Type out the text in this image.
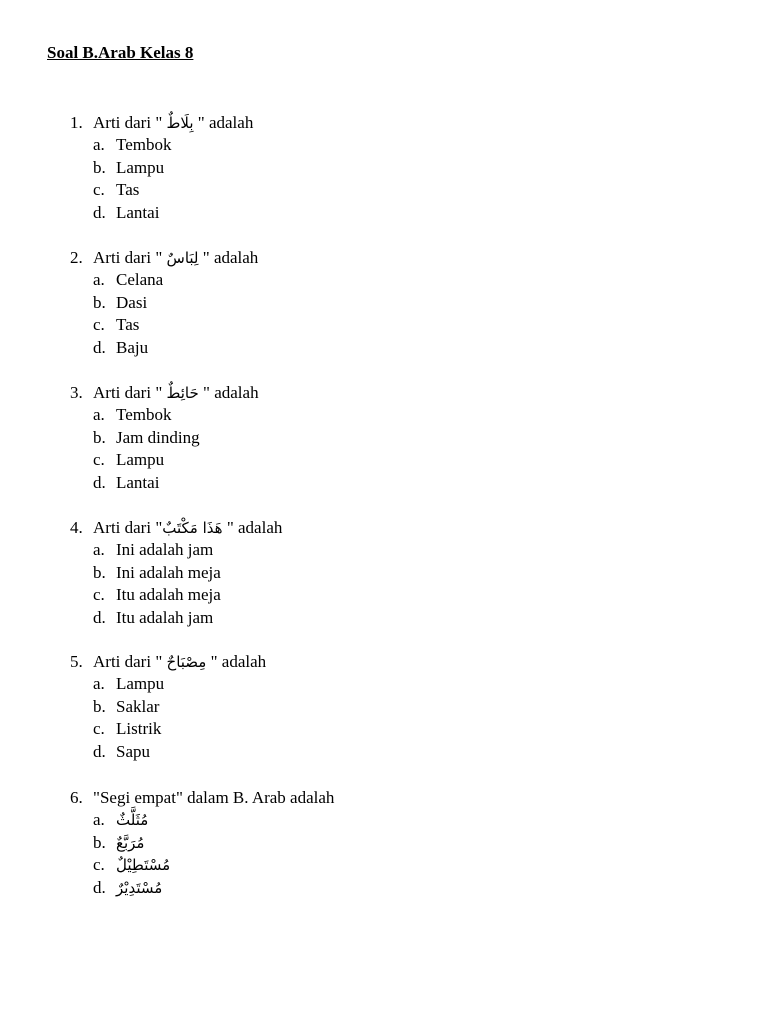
Soal B.Arab Kelas 8
1. Arti dari " بِلَاطٌ " adalah
a. Tembok
b. Lampu
c. Tas
d. Lantai
2. Arti dari " لِبَاسٌ " adalah
a. Celana
b. Dasi
c. Tas
d. Baju
3. Arti dari " حَائِطٌ " adalah
a. Tembok
b. Jam dinding
c. Lampu
d. Lantai
4. Arti dari "هَذَا مَكْتَبٌ " adalah
a. Ini adalah jam
b. Ini adalah meja
c. Itu adalah meja
d. Itu adalah jam
5. Arti dari " مِصْبَاحٌ " adalah
a. Lampu
b. Saklar
c. Listrik
d. Sapu
6. "Segi empat" dalam B. Arab adalah
a. مُثَلَّثٌ
b. مُرَبَّعٌ
c. مُسْتَطِيْلٌ
d. مُسْتَدِيْرٌ
